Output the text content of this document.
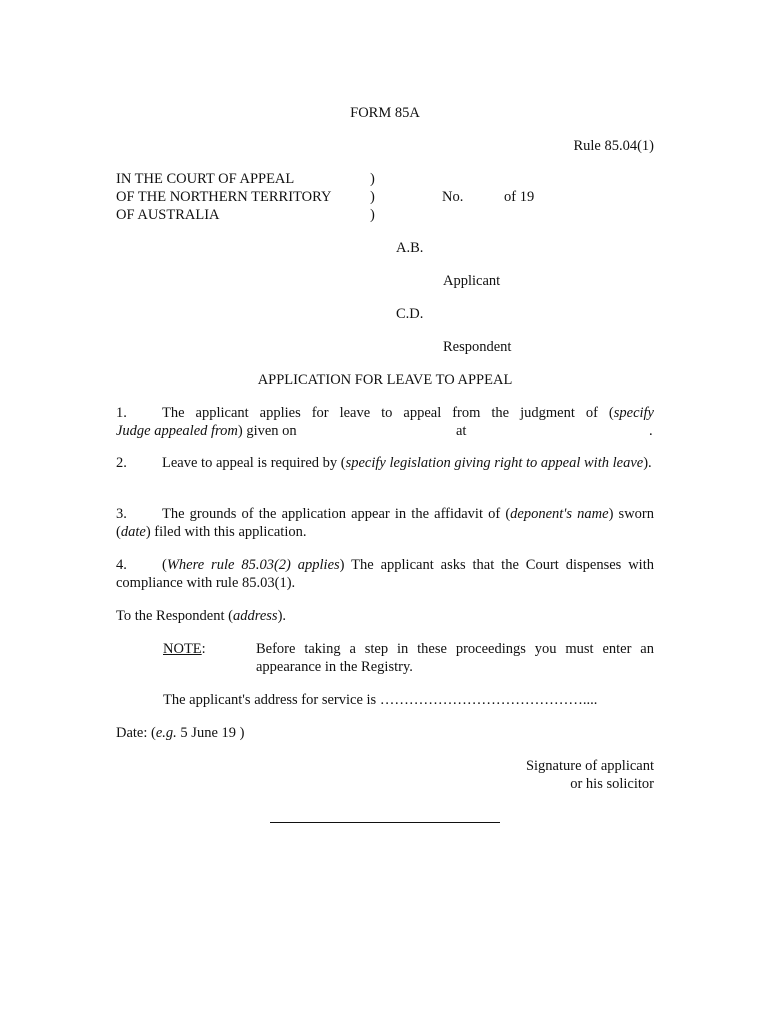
FORM 85A
Rule 85.04(1)
IN THE COURT OF APPEAL	)
OF THE NORTHERN TERRITORY	)
OF AUSTRALIA	)
No.	of 19
A.B.
Applicant
C.D.
Respondent
APPLICATION FOR LEAVE TO APPEAL
1. The applicant applies for leave to appeal from the judgment of (specify
Judge appealed from) given on	at	.
2. Leave to appeal is required by (specify legislation giving right to appeal with leave).
3. The grounds of the application appear in the affidavit of (deponent's name) sworn (date) filed with this application.
4. (Where rule 85.03(2) applies) The applicant asks that the Court dispenses with compliance with rule 85.03(1).
To the Respondent (address).
NOTE:	Before taking a step in these proceedings you must enter an appearance in the Registry.
The applicant's address for service is ……………………………………....
Date: (e.g. 5 June 19 )
Signature of applicant
or his solicitor
